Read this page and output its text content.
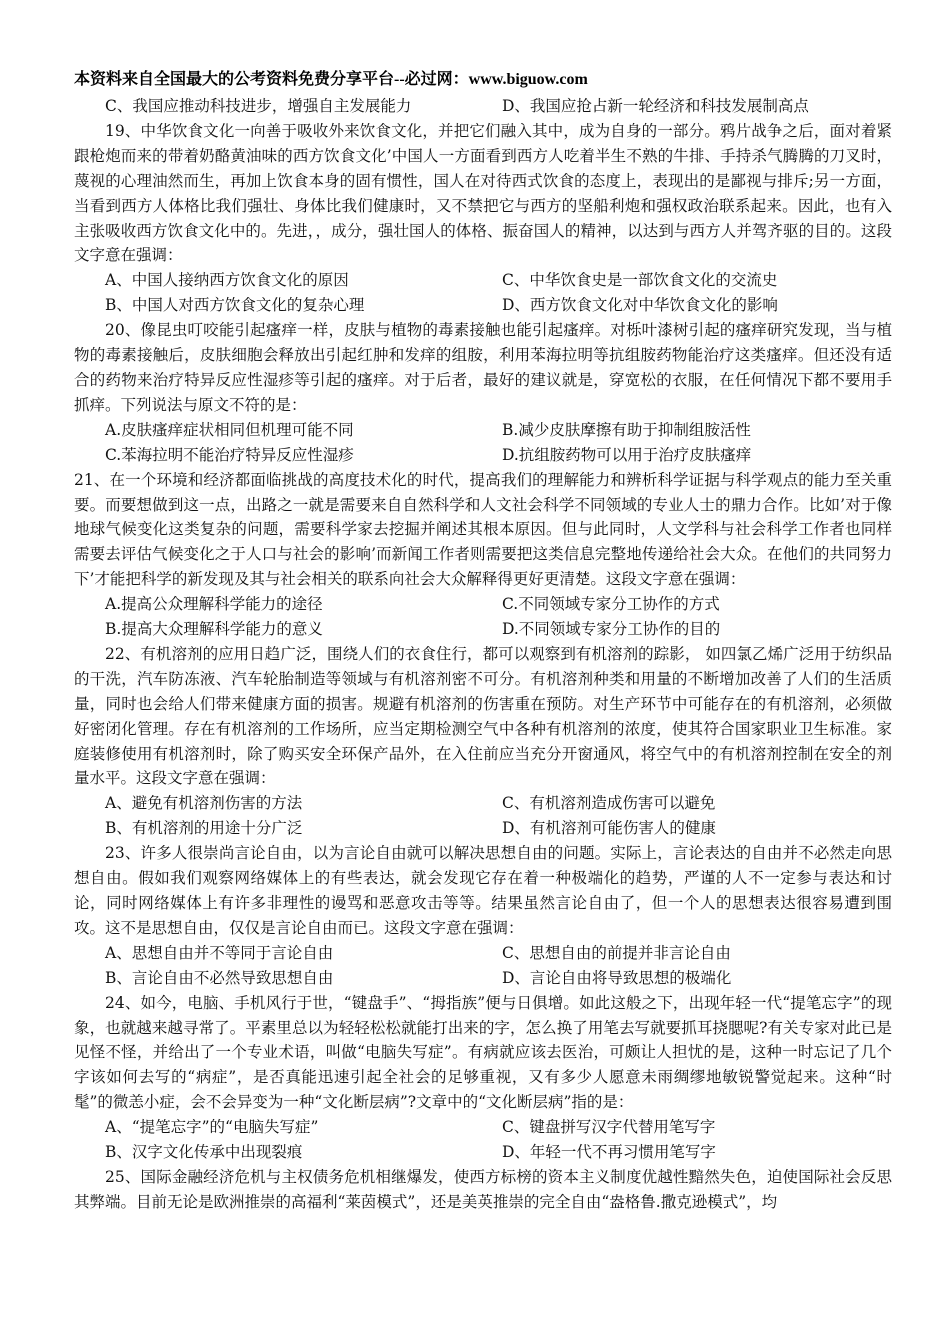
本资料来自全国最大的公考资料免费分享平台--必过网：www.biguow.com
C、我国应推动科技进步，增强自主发展能力	D、我国应抢占新一轮经济和科技发展制高点

19、中华饮食文化一向善于吸收外来饮食文化，并把它们融入其中，成为自身的一部分。鸦片战争之后，面对着紧跟枪炮而来的带着奶酪黄油味的西方饮食文化’中国人一方面看到西方人吃着半生不熟的牛排、手持杀气腾腾的刀叉时，蔑视的心理油然而生，再加上饮食本身的固有惯性，国人在对待西式饮食的态度上，表现出的是鄙视与排斥;另一方面，当看到西方人体格比我们强壮、身体比我们健康时，又不禁把它与西方的坚船利炮和强权政治联系起来。因此，也有入主张吸收西方饮食文化中的。先进，，成分，强壮国人的体格、振奋国人的精神，以达到与西方人并驾齐驱的目的。这段文字意在强调：

A、中国人接纳西方饮食文化的原因	C、中华饮食史是一部饮食文化的交流史
B、中国人对西方饮食文化的复杂心理	D、西方饮食文化对中华饮食文化的影响

20、像昆虫叮咬能引起瘙痒一样，皮肤与植物的毒素接触也能引起瘙痒。对栎叶漆树引起的瘙痒研究发现，当与植物的毒素接触后，皮肤细胞会释放出引起红肿和发痒的组胺，利用苯海拉明等抗组胺药物能治疗这类瘙痒。但还没有适合的药物来治疗特异反应性湿疹等引起的瘙痒。对于后者，最好的建议就是，穿宽松的衣服，在任何情况下都不要用手抓痒。下列说法与原文不符的是：

A.皮肤瘙痒症状相同但机理可能不同	B.减少皮肤摩擦有助于抑制组胺活性
C.苯海拉明不能治疗特异反应性湿疹	D.抗组胺药物可以用于治疗皮肤瘙痒

21、在一个环境和经济都面临挑战的高度技术化的时代，提高我们的理解能力和辨析科学证据与科学观点的能力至关重要。而要想做到这一点，出路之一就是需要来自自然科学和人文社会科学不同领域的专业人士的鼎力合作。比如’对于像地球气候变化这类复杂的问题，需要科学家去挖掘并阐述其根本原因。但与此同时，人文学科与社会科学工作者也同样需要去评估气候变化之于人口与社会的影响’而新闻工作者则需要把这类信息完整地传递给社会大众。在他们的共同努力下’才能把科学的新发现及其与社会相关的联系向社会大众解释得更好更清楚。这段文字意在强调：

A.提高公众理解科学能力的途径	C.不同领域专家分工协作的方式
B.提高大众理解科学能力的意义	D.不同领域专家分工协作的目的

22、有机溶剂的应用日趋广泛，围绕人们的衣食住行，都可以观察到有机溶剂的踪影， 如四氯乙烯广泛用于纺织品的干洗，汽车防冻液、汽车轮胎制造等领域与有机溶剂密不可分。有机溶剂种类和用量的不断增加改善了人们的生活质量，同时也会给人们带来健康方面的损害。规避有机溶剂的伤害重在预防。对生产环节中可能存在的有机溶剂，必须做好密闭化管理。存在有机溶剂的工作场所，应当定期检测空气中各种有机溶剂的浓度，使其符合国家职业卫生标准。家庭装修使用有机溶剂时，除了购买安全环保产品外，在入住前应当充分开窗通风，将空气中的有机溶剂控制在安全的剂量水平。这段文字意在强调：

A、避免有机溶剂伤害的方法	C、有机溶剂造成伤害可以避免
B、有机溶剂的用途十分广泛	D、有机溶剂可能伤害人的健康

23、许多人很崇尚言论自由，以为言论自由就可以解决思想自由的问题。实际上，言论表达的自由并不必然走向思想自由。假如我们观察网络媒体上的有些表达，就会发现它存在着一种极端化的趋势，严谨的人不一定参与表达和讨论，同时网络媒体上有许多非理性的谩骂和恶意攻击等等。结果虽然言论自由了，但一个人的思想表达很容易遭到围攻。这不是思想自由，仅仅是言论自由而已。这段文字意在强调：

A、思想自由并不等同于言论自由	C、思想自由的前提并非言论自由
B、言论自由不必然导致思想自由	D、言论自由将导致思想的极端化

24、如今，电脑、手机风行于世，“键盘手”、“拇指族”便与日俱增。如此这般之下，出现年轻一代“提笔忘字”的现象，也就越来越寻常了。平素里总以为轻轻松松就能打出来的字，怎么换了用笔去写就要抓耳挠腮呢?有关专家对此已是见怪不怪，并给出了一个专业术语，叫做“电脑失写症”。有病就应该去医治，可颇让人担忧的是，这种一时忘记了几个字该如何去写的“病症”，是否真能迅速引起全社会的足够重视，又有多少人愿意未雨绸缪地敏锐警觉起来。这种“时髦”的微恙小症，会不会异变为一种“文化断层病”?文章中的“文化断层病”指的是：

A、“提笔忘字”的“电脑失写症”	C、键盘拼写汉字代替用笔写字
B、汉字文化传承中出现裂痕	D、年轻一代不再习惯用笔写字

25、国际金融经济危机与主权债务危机相继爆发，使西方标榜的资本主义制度优越性黯然失色，迫使国际社会反思其弊端。目前无论是欧洲推崇的高福利“莱茵模式”，还是美英推崇的完全自由“盎格鲁.撒克逊模式”，均
